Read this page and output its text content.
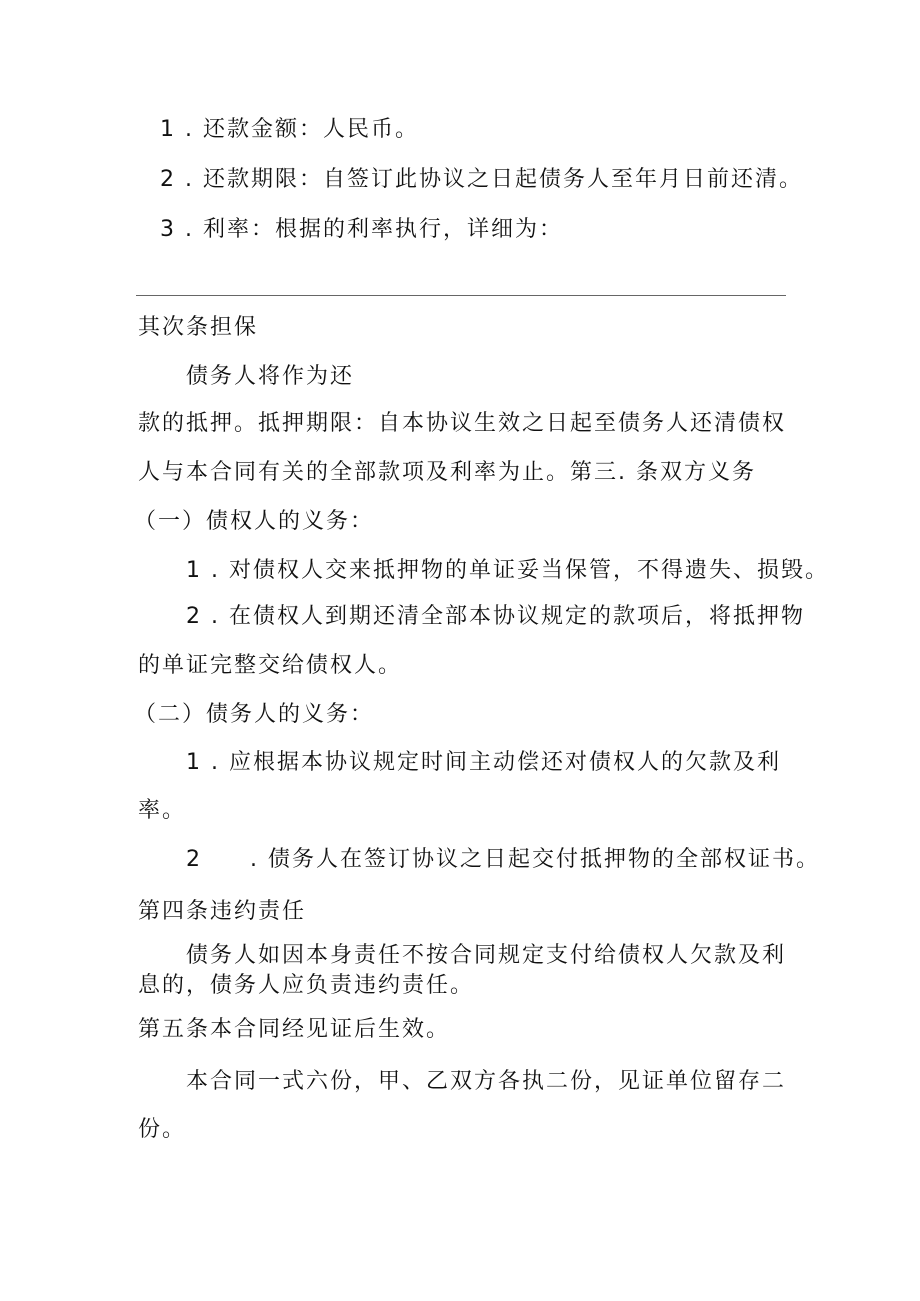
1 . 还款金额：人民币。
2 . 还款期限：自签订此协议之日起债务人至年月日前还清。
3 . 利率：根据的利率执行，详细为：
其次条担保
债务人将作为还
款的抵押。抵押期限：自本协议生效之日起至债务人还清债权
人与本合同有关的全部款项及利率为止。第三. 条双方义务
（一）债权人的义务：
1 . 对债权人交来抵押物的单证妥当保管，不得遗失、损毁。
2 . 在债权人到期还清全部本协议规定的款项后，将抵押物
的单证完整交给债权人。
（二）债务人的义务：
1 . 应根据本协议规定时间主动偿还对债权人的欠款及利
率。
2　　. 债务人在签订协议之日起交付抵押物的全部权证书。
第四条违约责任
债务人如因本身责任不按合同规定支付给债权人欠款及利
息的，债务人应负责违约责任。
第五条本合同经见证后生效。
本合同一式六份，甲、乙双方各执二份，见证单位留存二
份。
